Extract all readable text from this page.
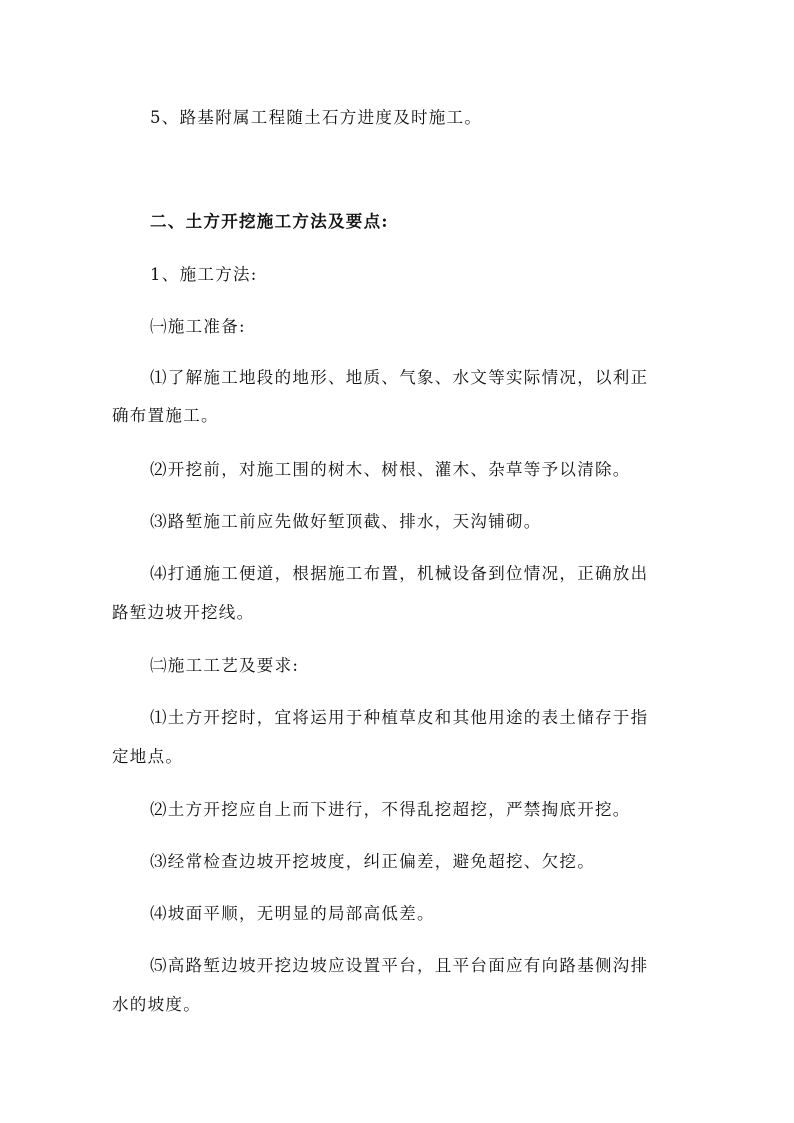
5、路基附属工程随土石方进度及时施工。
二、土方开挖施工方法及要点:
1、施工方法:
㈠施工准备:
⑴了解施工地段的地形、地质、气象、水文等实际情况，以利正
确布置施工。
⑵开挖前，对施工围的树木、树根、灌木、杂草等予以清除。
⑶路堑施工前应先做好堑顶截、排水，天沟铺砌。
⑷打通施工便道，根据施工布置，机械设备到位情况，正确放出
路堑边坡开挖线。
㈡施工工艺及要求:
⑴土方开挖时，宜将运用于种植草皮和其他用途的表土储存于指
定地点。
⑵土方开挖应自上而下进行，不得乱挖超挖，严禁掏底开挖。
⑶经常检查边坡开挖坡度，纠正偏差，避免超挖、欠挖。
⑷坡面平顺，无明显的局部高低差。
⑸高路堑边坡开挖边坡应设置平台，且平台面应有向路基侧沟排
水的坡度。
